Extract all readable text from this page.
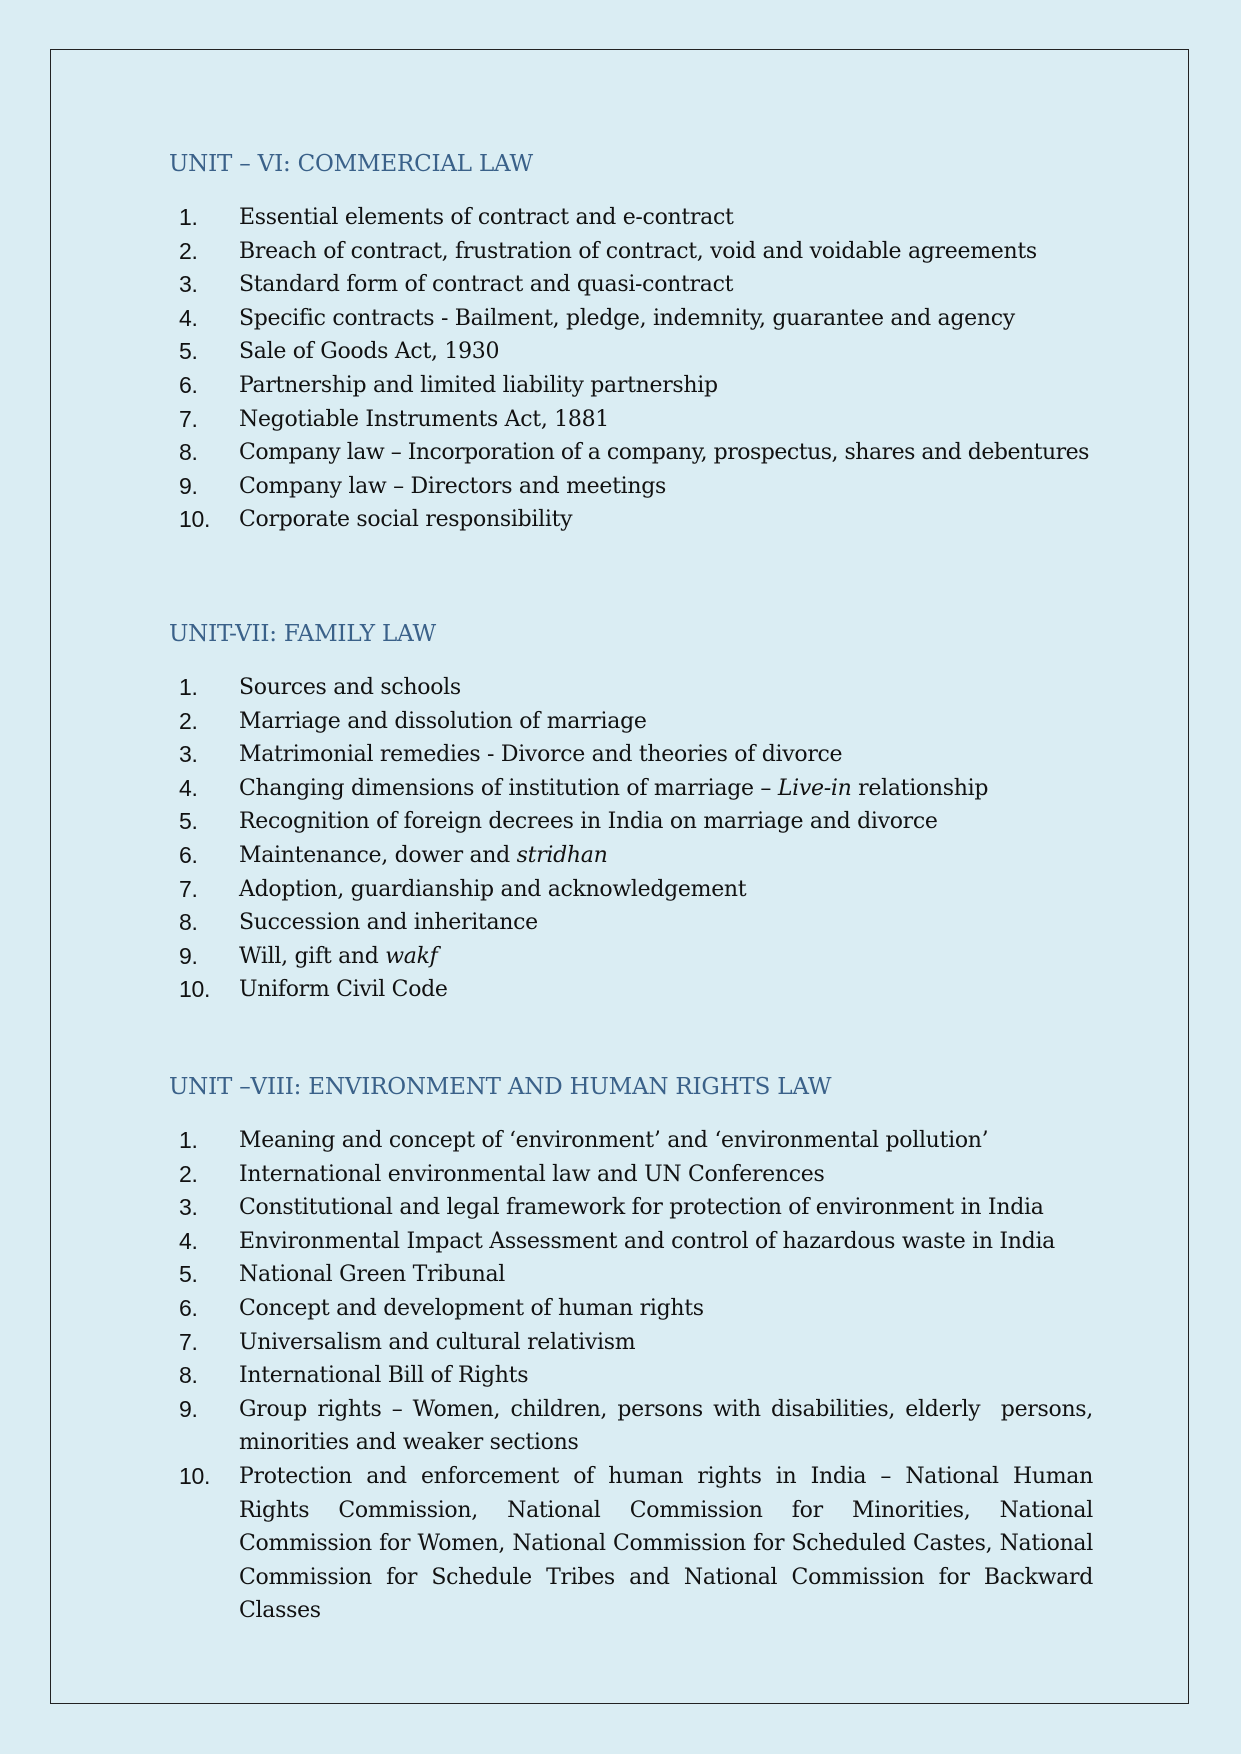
UNIT – VI: COMMERCIAL LAW
1.	Essential elements of contract and e-contract
2.	Breach of contract, frustration of contract, void and voidable agreements
3.	Standard form of contract and quasi-contract
4.	Specific contracts - Bailment, pledge, indemnity, guarantee and agency
5.	Sale of Goods Act, 1930
6.	Partnership and limited liability partnership
7.	Negotiable Instruments Act, 1881
8.	Company law – Incorporation of a company, prospectus, shares and debentures
9.	Company law – Directors and meetings
10.	Corporate social responsibility
UNIT-VII: FAMILY LAW
1.	Sources and schools
2.	Marriage and dissolution of marriage
3.	Matrimonial remedies - Divorce and theories of divorce
4.	Changing dimensions of institution of marriage – Live-in relationship
5.	Recognition of foreign decrees in India on marriage and divorce
6.	Maintenance, dower and stridhan
7.	Adoption, guardianship and acknowledgement
8.	Succession and inheritance
9.	Will, gift and wakf
10.	Uniform Civil Code
UNIT –VIII: ENVIRONMENT AND HUMAN RIGHTS LAW
1.	Meaning and concept of ‘environment’ and ‘environmental pollution’
2.	International environmental law and UN Conferences
3.	Constitutional and legal framework for protection of environment in India
4.	Environmental Impact Assessment and control of hazardous waste in India
5.	National Green Tribunal
6.	Concept and development of human rights
7.	Universalism and cultural relativism
8.	International Bill of Rights
9.	Group rights – Women, children, persons with disabilities, elderly  persons, minorities and weaker sections
10.	Protection and enforcement of human rights in India – National Human Rights Commission, National Commission for Minorities, National Commission for Women, National Commission for Scheduled Castes, National Commission for Schedule Tribes and National Commission for Backward Classes
